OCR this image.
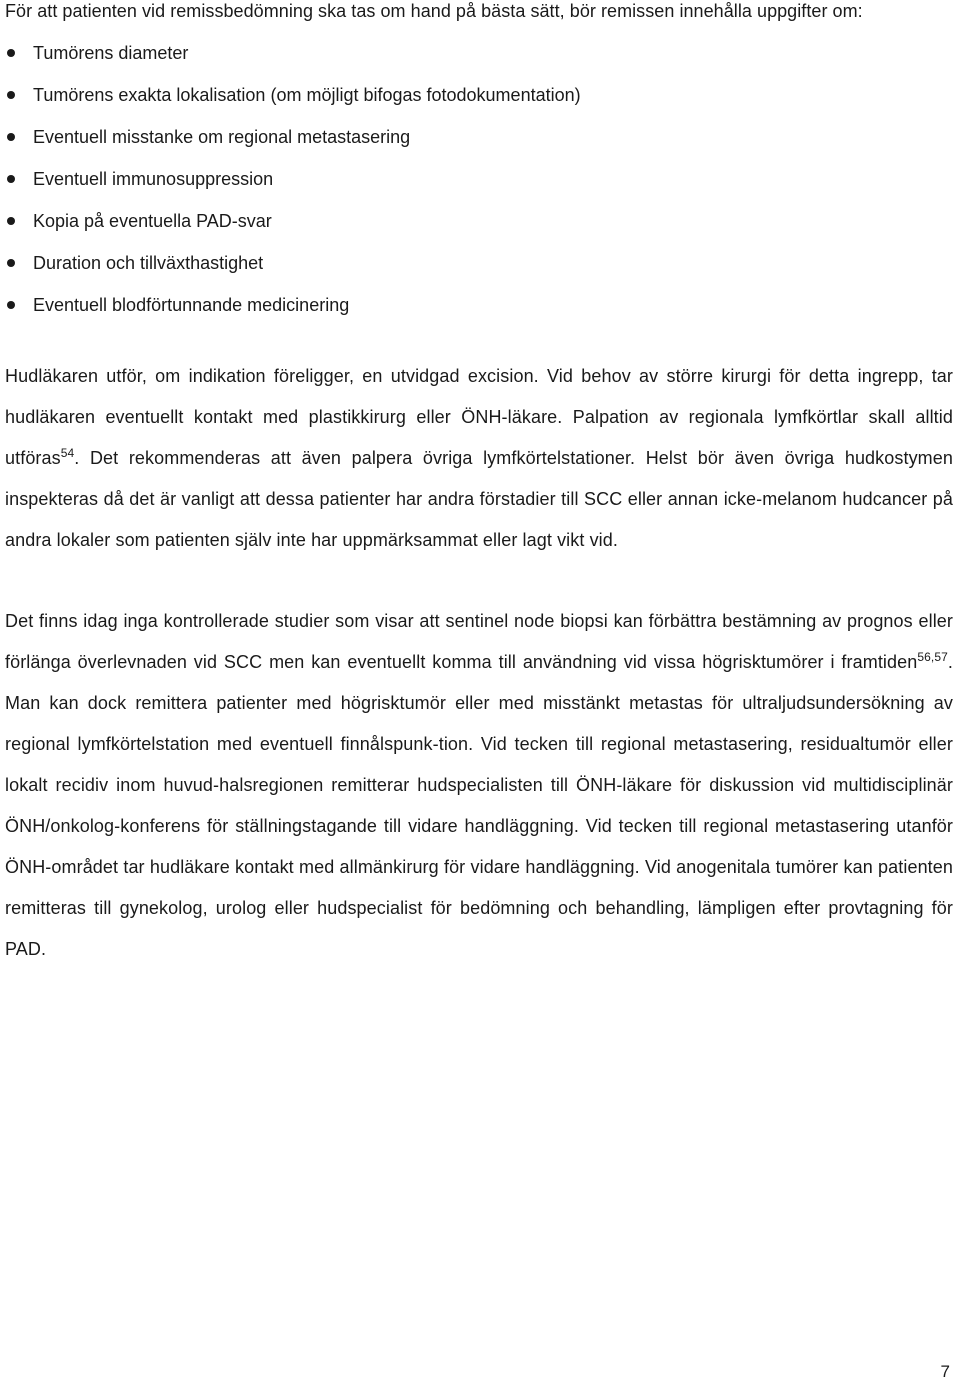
För att patienten vid remissbedömning ska tas om hand på bästa sätt, bör remissen innehålla uppgifter om:

Tumörens diameter
Tumörens exakta lokalisation (om möjligt bifogas fotodokumentation)
Eventuell misstanke om regional metastasering
Eventuell immunosuppression
Kopia på eventuella PAD-svar
Duration och tillväxthastighet
Eventuell blodförtunnande medicinering

Hudläkaren utför, om indikation föreligger, en utvidgad excision. Vid behov av större kirurgi för detta ingrepp, tar hudläkaren eventuellt kontakt med plastikkirurg eller ÖNH-läkare. Palpation av regionala lymfkörtlar skall alltid utföras$^{54}$. Det rekommenderas att även palpera övriga lymfkörtelstationer. Helst bör även övriga hudkostymen inspekteras då det är vanligt att dessa patienter har andra förstadier till SCC eller annan icke-melanom hudcancer på andra lokaler som patienten själv inte har uppmärksammat eller lagt vikt vid.

Det finns idag inga kontrollerade studier som visar att sentinel node biopsi kan förbättra bestämning av prognos eller förlänga överlevnaden vid SCC men kan eventuellt komma till användning vid vissa högrisktumörer i framtiden$^{56,57}$. Man kan dock remittera patienter med högrisktumör eller med misstänkt metastas för ultraljudsundersökning av regional lymfkörtelstation med eventuell finnålspunk-tion. Vid tecken till regional metastasering, residualtumör eller lokalt recidiv inom huvud-halsregionen remitterar hudspecialisten till ÖNH-läkare för diskussion vid multidisciplinär ÖNH/onkolog-konferens för ställningstagande till vidare handläggning. Vid tecken till regional metastasering utanför ÖNH-området tar hudläkare kontakt med allmänkirurg för vidare handläggning. Vid anogenitala tumörer kan patienten remitteras till gynekolog, urolog eller hudspecialist för bedömning och behandling, lämpligen efter provtagning för PAD.

7
